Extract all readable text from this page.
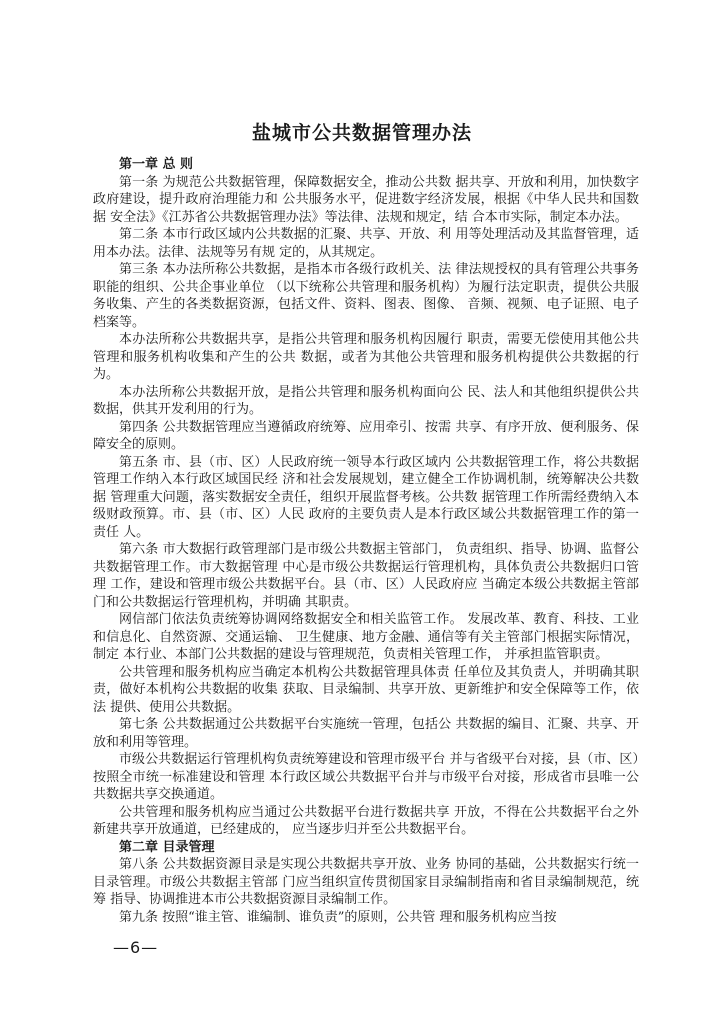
盐城市公共数据管理办法

第一章 总 则

第一条 为规范公共数据管理，保障数据安全，推动公共数 据共享、开放和利用，加快数字政府建设，提升政府治理能力和 公共服务水平，促进数字经济发展，根据《中华人民共和国数据 安全法》《江苏省公共数据管理办法》等法律、法规和规定，结 合本市实际，制定本办法。

第二条 本市行政区域内公共数据的汇聚、共享、开放、利 用等处理活动及其监督管理，适用本办法。法律、法规等另有规 定的，从其规定。

第三条 本办法所称公共数据，是指本市各级行政机关、法 律法规授权的具有管理公共事务职能的组织、公共企事业单位 （以下统称公共管理和服务机构）为履行法定职责，提供公共服 务收集、产生的各类数据资源，包括文件、资料、图表、图像、 音频、视频、电子证照、电子档案等。

本办法所称公共数据共享，是指公共管理和服务机构因履行 职责，需要无偿使用其他公共管理和服务机构收集和产生的公共 数据，或者为其他公共管理和服务机构提供公共数据的行为。

本办法所称公共数据开放，是指公共管理和服务机构面向公 民、法人和其他组织提供公共数据，供其开发利用的行为。

第四条 公共数据管理应当遵循政府统筹、应用牵引、按需 共享、有序开放、便利服务、保障安全的原则。

第五条 市、县（市、区）人民政府统一领导本行政区域内 公共数据管理工作，将公共数据管理工作纳入本行政区域国民经 济和社会发展规划，建立健全工作协调机制，统筹解决公共数据 管理重大问题，落实数据安全责任，组织开展监督考核。公共数 据管理工作所需经费纳入本级财政预算。市、县（市、区）人民 政府的主要负责人是本行政区域公共数据管理工作的第一责任 人。

第六条 市大数据行政管理部门是市级公共数据主管部门， 负责组织、指导、协调、监督公共数据管理工作。市大数据管理 中心是市级公共数据运行管理机构，具体负责公共数据归口管理 工作，建设和管理市级公共数据平台。县（市、区）人民政府应 当确定本级公共数据主管部门和公共数据运行管理机构，并明确 其职责。

网信部门依法负责统筹协调网络数据安全和相关监管工作。 发展改革、教育、科技、工业和信息化、自然资源、交通运输、 卫生健康、地方金融、通信等有关主管部门根据实际情况，制定 本行业、本部门公共数据的建设与管理规范，负责相关管理工作， 并承担监管职责。

公共管理和服务机构应当确定本机构公共数据管理具体责 任单位及其负责人，并明确其职责，做好本机构公共数据的收集 获取、目录编制、共享开放、更新维护和安全保障等工作，依法 提供、使用公共数据。

第七条 公共数据通过公共数据平台实施统一管理，包括公 共数据的编目、汇聚、共享、开放和利用等管理。

市级公共数据运行管理机构负责统筹建设和管理市级平台 并与省级平台对接，县（市、区）按照全市统一标准建设和管理 本行政区域公共数据平台并与市级平台对接，形成省市县唯一公 共数据共享交换通道。

公共管理和服务机构应当通过公共数据平台进行数据共享 开放，不得在公共数据平台之外新建共享开放通道，已经建成的， 应当逐步归并至公共数据平台。

第二章 目录管理

第八条 公共数据资源目录是实现公共数据共享开放、业务 协同的基础，公共数据实行统一目录管理。市级公共数据主管部 门应当组织宣传贯彻国家目录编制指南和省目录编制规范，统筹 指导、协调推进本市公共数据资源目录编制工作。

第九条 按照“谁主管、谁编制、谁负责”的原则，公共管 理和服务机构应当按

—6—
